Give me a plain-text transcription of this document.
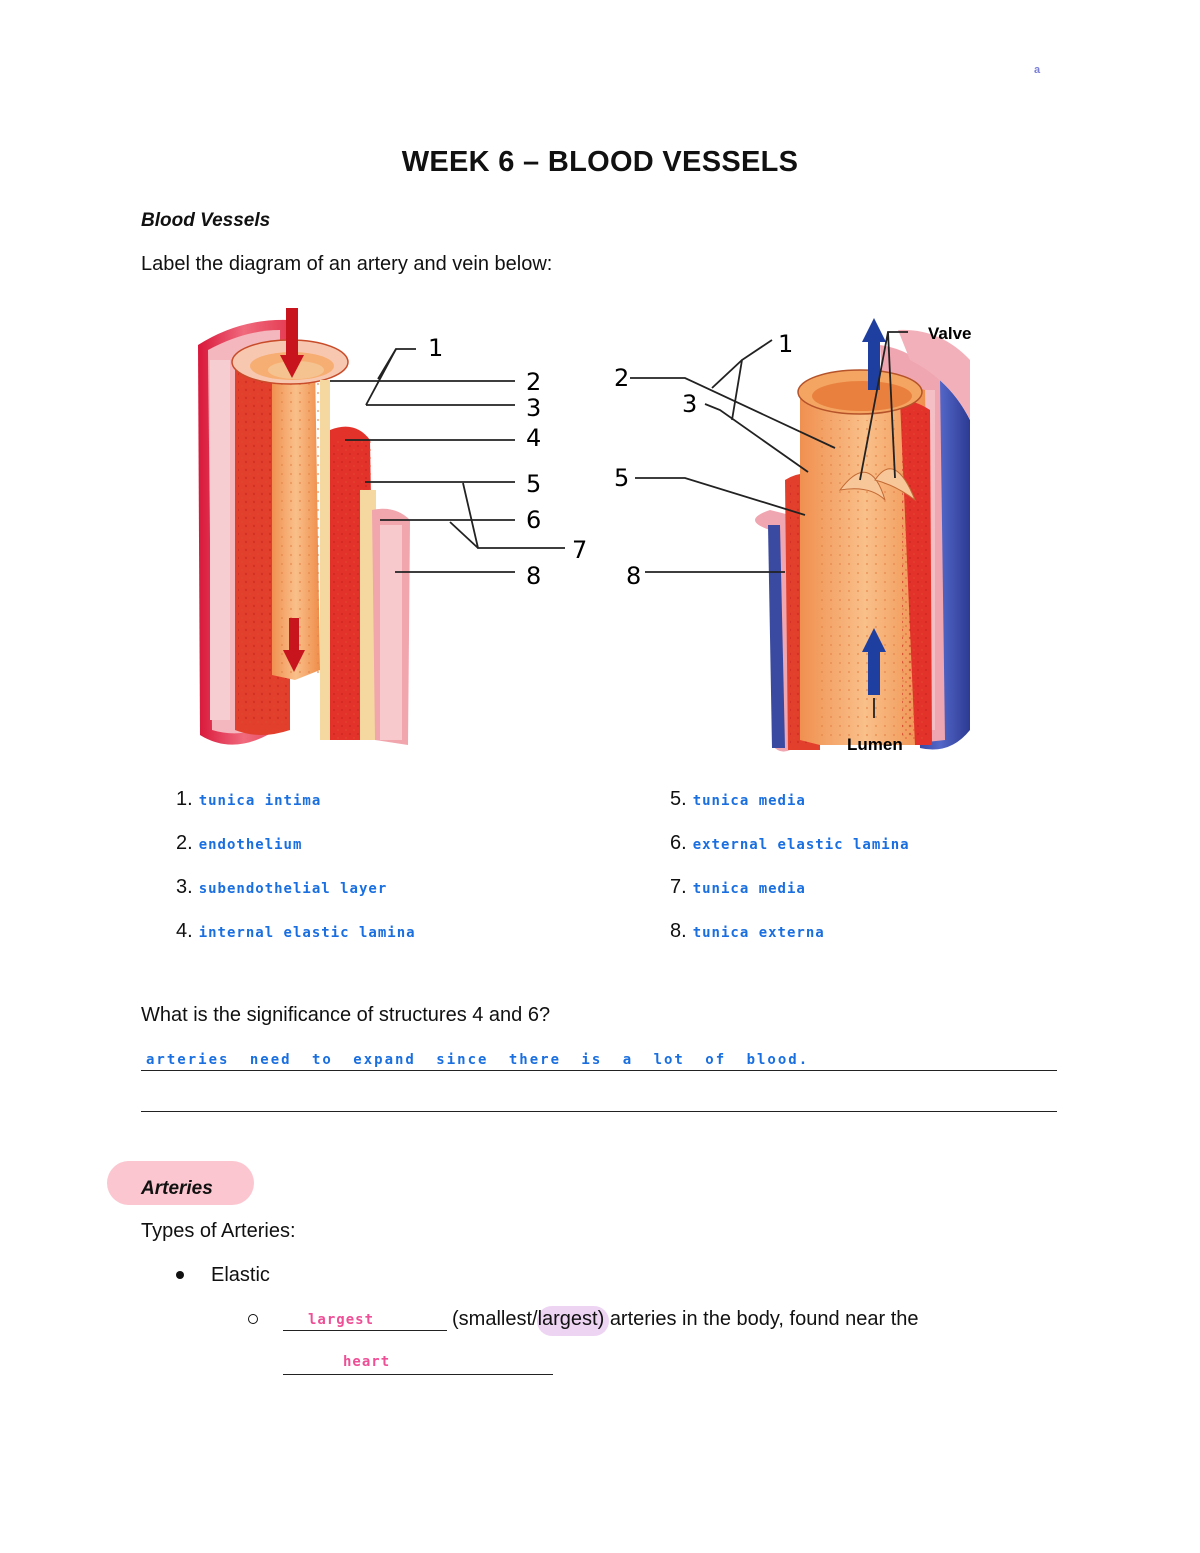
a
WEEK 6 – BLOOD VESSELS
Blood Vessels
Label the diagram of an artery and vein below:
1
2
3
4
5
6
7
8
1
2
3
5
8
Valve
Lumen
1. tunica intima
2. endothelium
3. subendothelial layer
4. internal elastic lamina
5. tunica media
6. external elastic lamina
7. tunica media
8. tunica externa
What is the significance of structures 4 and 6?
arteries need to expand since there is a lot of blood.
Arteries
Types of Arteries:
Elastic
largest	(smallest/largest) arteries in the body, found near the
heart
